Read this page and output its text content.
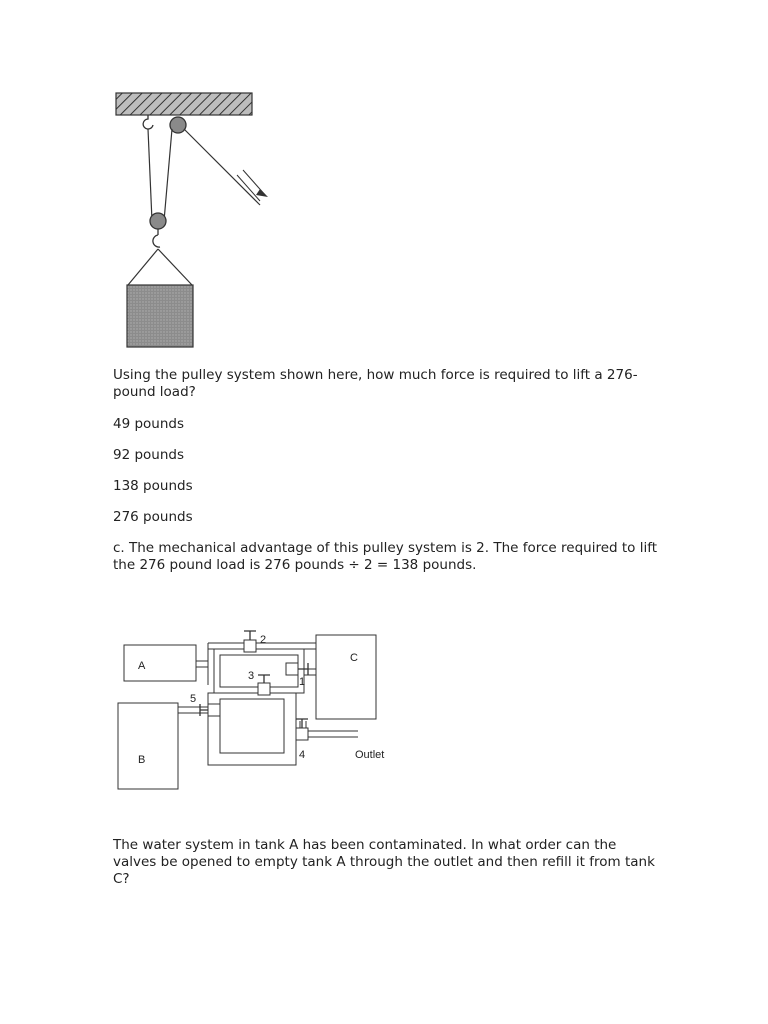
Using the pulley system shown here, how much force is required to lift a 276-pound load?

49 pounds

92 pounds

138 pounds

276 pounds

c. The mechanical advantage of this pulley system is 2. The force required to lift the 276 pound load is 276 pounds ÷ 2 = 138 pounds.

A
B
C
2
3	1
5
4	Outlet

The water system in tank A has been contaminated. In what order can the valves be opened to empty tank A through the outlet and then refill it from tank C?
